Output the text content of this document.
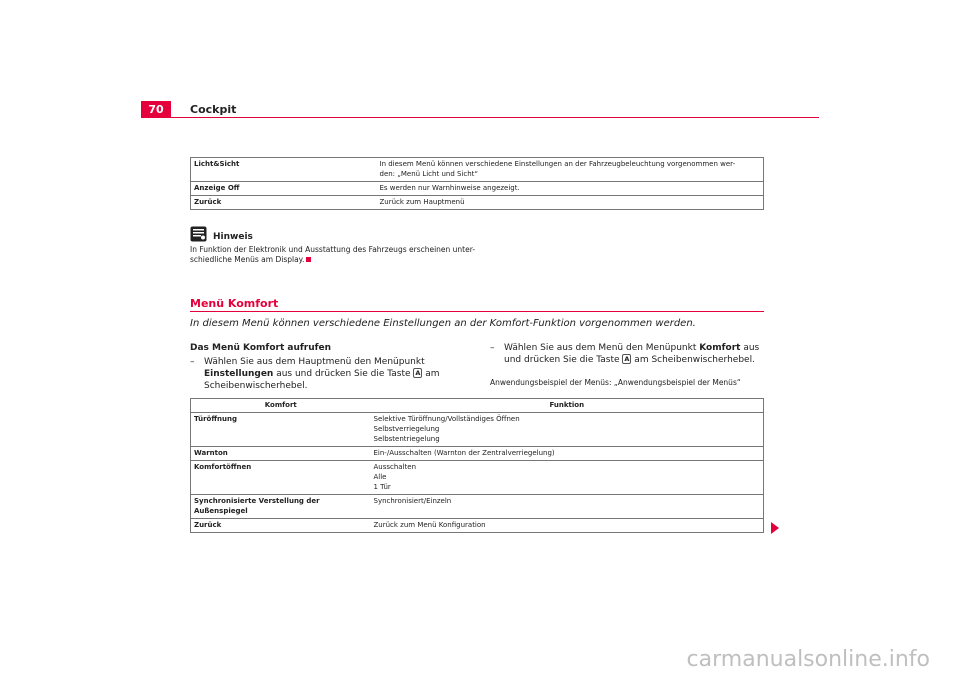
70	Cockpit
Licht&Sicht	In diesem Menü können verschiedene Einstellungen an der Fahrzeugbeleuchtung vorgenommen wer-
den: „Menü Licht und Sicht“

Anzeige Off	Es werden nur Warnhinweise angezeigt.

Zurück	Zurück zum Hauptmenü
Hinweis
In Funktion der Elektronik und Ausstattung des Fahrzeugs erscheinen unter- schiedliche Menüs am Display.
Menü Komfort
In diesem Menü können verschiedene Einstellungen an der Komfort-Funktion vorgenommen werden.
Das Menü Komfort aufrufen
–	Wählen Sie aus dem Hauptmenü den Menüpunkt Einstellungen aus und drücken Sie die Taste A am Scheibenwischerhebel.
–	Wählen Sie aus dem Menü den Menüpunkt Komfort aus und drücken Sie die Taste A am Scheibenwischerhebel.
Anwendungsbeispiel der Menüs: „Anwendungsbeispiel der Menüs“
Komfort	Funktion
Türöffnung	Selektive Türöffnung/Vollständiges Öffnen
Selbstverriegelung
Selbstentriegelung

Warnton	Ein-/Ausschalten (Warnton der Zentralverriegelung)

Komfortöffnen	Ausschalten
Alle
1 Tür

Synchronisierte Verstellung der Außenspiegel	Synchronisiert/Einzeln

Zurück	Zurück zum Menü Konfiguration
carmanualsonline.info
